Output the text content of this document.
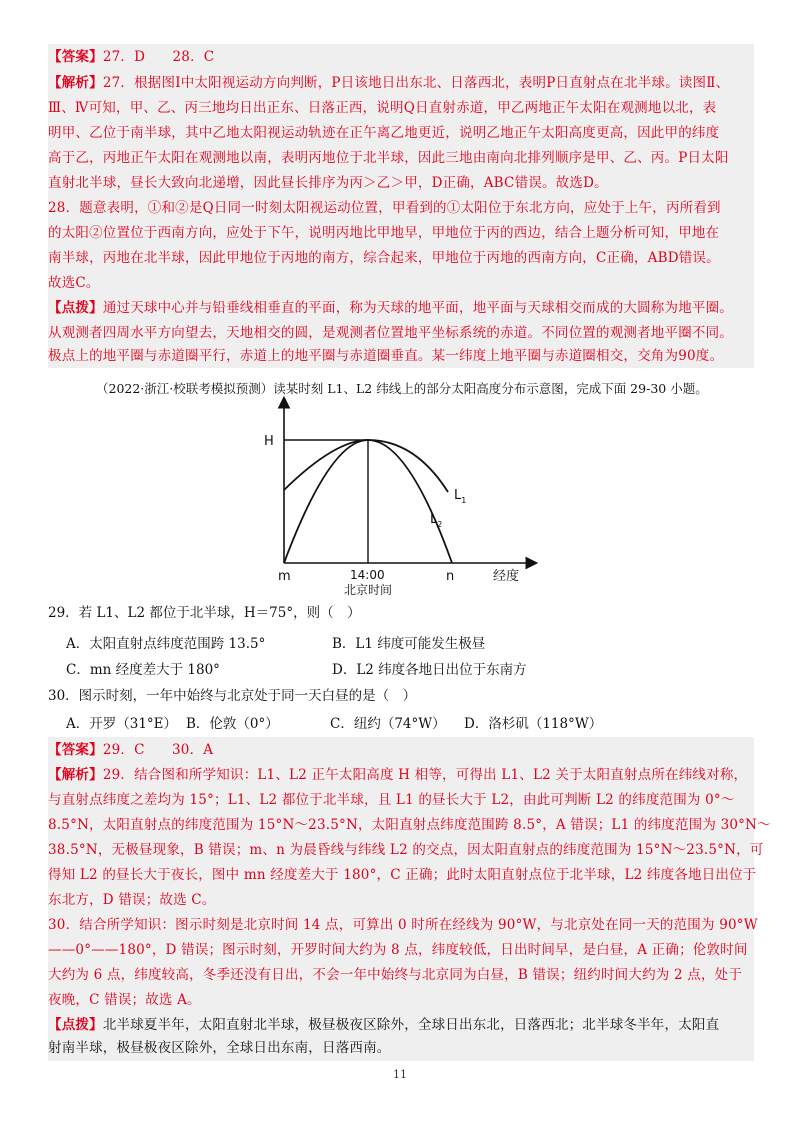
【答案】27．D　　28．C
【解析】27．根据图Ⅰ中太阳视运动方向判断，P日该地日出东北、日落西北，表明P日直射点在北半球。读图Ⅱ、
Ⅲ、Ⅳ可知，甲、乙、丙三地均日出正东、日落正西，说明Q日直射赤道，甲乙两地正午太阳在观测地以北，表
明甲、乙位于南半球，其中乙地太阳视运动轨迹在正午离乙地更近，说明乙地正午太阳高度更高，因此甲的纬度
高于乙，丙地正午太阳在观测地以南，表明丙地位于北半球，因此三地由南向北排列顺序是甲、乙、丙。P日太阳
直射北半球，昼长大致向北递增，因此昼长排序为丙＞乙＞甲，D正确，ABC错误。故选D。
28．题意表明，①和②是Q日同一时刻太阳视运动位置，甲看到的①太阳位于东北方向，应处于上午，丙所看到
的太阳②位置位于西南方向，应处于下午，说明丙地比甲地早，甲地位于丙的西边，结合上题分析可知，甲地在
南半球，丙地在北半球，因此甲地位于丙地的南方，综合起来，甲地位于丙地的西南方向，C正确，ABD错误。
故选C。
【点拨】通过天球中心并与铅垂线相垂直的平面，称为天球的地平面，地平面与天球相交而成的大圆称为地平圈。
从观测者四周水平方向望去，天地相交的圆，是观测者位置地平坐标系统的赤道。不同位置的观测者地平圈不同。
极点上的地平圈与赤道圈平行，赤道上的地平圈与赤道圈垂直。某一纬度上地平圈与赤道圈相交，交角为90度。
（2022·浙江·校联考模拟预测）读某时刻 L1、L2 纬线上的部分太阳高度分布示意图，完成下面 29-30 小题。
H
m	14:00	n	经度
北京时间
$L_1$
$L_2$
29．若 L1、L2 都位于北半球，H＝75°，则（　）
A．太阳直射点纬度范围跨 13.5°	B．L1 纬度可能发生极昼
C．mn 经度差大于 180°	D．L2 纬度各地日出位于东南方
30．图示时刻，一年中始终与北京处于同一天白昼的是（　）
A．开罗（31°E） B．伦敦（0°）	C．纽约（74°W） D．洛杉矶（118°W）
【答案】29．C　　30．A
【解析】29．结合图和所学知识：L1、L2 正午太阳高度 H 相等，可得出 L1、L2 关于太阳直射点所在纬线对称，
与直射点纬度之差均为 15°；L1、L2 都位于北半球，且 L1 的昼长大于 L2，由此可判断 L2 的纬度范围为 0°～
8.5°N，太阳直射点的纬度范围为 15°N～23.5°N，太阳直射点纬度范围跨 8.5°，A 错误；L1 的纬度范围为 30°N～
38.5°N，无极昼现象，B 错误；m、n 为晨昏线与纬线 L2 的交点，因太阳直射点的纬度范围为 15°N～23.5°N，可
得知 L2 的昼长大于夜长，图中 mn 经度差大于 180°，C 正确；此时太阳直射点位于北半球，L2 纬度各地日出位于
东北方，D 错误；故选 C。
30．结合所学知识：图示时刻是北京时间 14 点，可算出 0 时所在经线为 90°W，与北京处在同一天的范围为 90°W
——0°——180°，D 错误；图示时刻，开罗时间大约为 8 点，纬度较低，日出时间早，是白昼，A 正确；伦敦时间
大约为 6 点，纬度较高，冬季还没有日出，不会一年中始终与北京同为白昼，B 错误；纽约时间大约为 2 点，处于
夜晚，C 错误；故选 A。
【点拨】北半球夏半年，太阳直射北半球，极昼极夜区除外，全球日出东北，日落西北；北半球冬半年，太阳直
射南半球，极昼极夜区除外，全球日出东南，日落西南。
11
